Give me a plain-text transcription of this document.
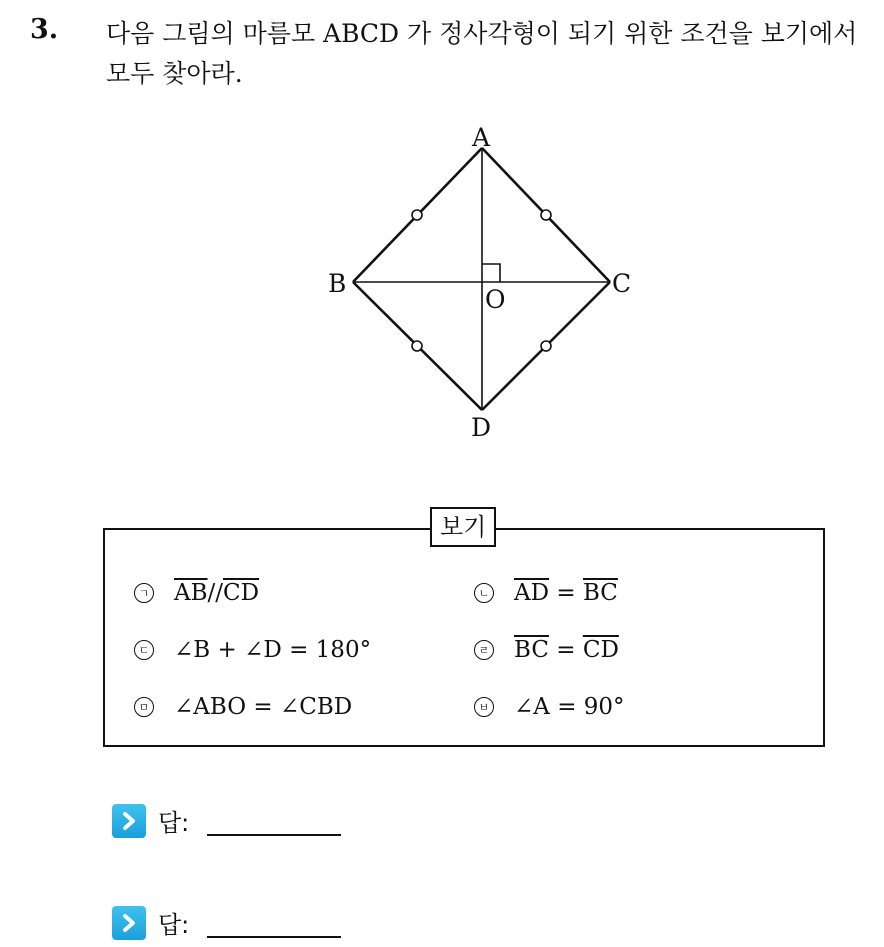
3. 다음 그림의 마름모 ABCD 가 정사각형이 되기 위한 조건을 보기에서
모두 찾아라.

A
B	C
D
O
보기
ㄱ $\overline{AB} // \overline{CD}$	ㄴ $\overline{AD} = \overline{BC}$
ㄷ ∠B + ∠D = 180°	ㄹ $\overline{BC} = \overline{CD}$
ㅁ ∠ABO = ∠CBD	ㅂ ∠A = 90°
답:
답:
